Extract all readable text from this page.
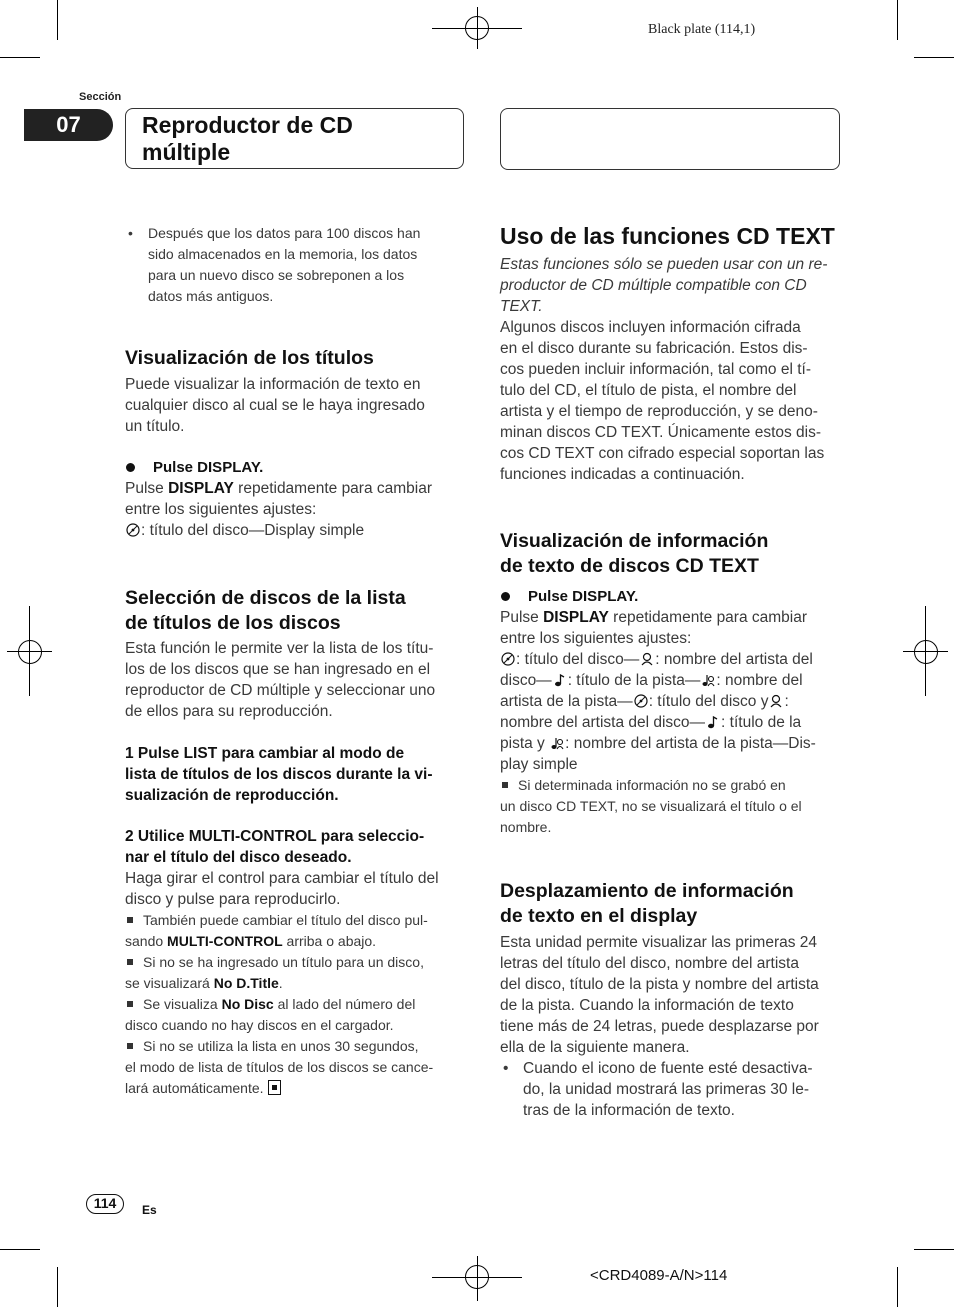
Black plate (114,1)
Sección
07	Reproductor de CD
múltiple
• Después que los datos para 100 discos han
sido almacenados en la memoria, los datos
para un nuevo disco se sobreponen a los
datos más antiguos.
Visualización de los títulos
Puede visualizar la información de texto en
cualquier disco al cual se le haya ingresado
un título.
Pulse DISPLAY.
Pulse DISPLAY repetidamente para cambiar
entre los siguientes ajustes:
: título del disco—Display simple
Selección de discos de la lista
de títulos de los discos
Esta función le permite ver la lista de los títu-
los de los discos que se han ingresado en el
reproductor de CD múltiple y seleccionar uno
de ellos para su reproducción.
1 Pulse LIST para cambiar al modo de
lista de títulos de los discos durante la vi-
sualización de reproducción.
2 Utilice MULTI-CONTROL para seleccio-
nar el título del disco deseado.
Haga girar el control para cambiar el título del
disco y pulse para reproducirlo.
También puede cambiar el título del disco pul-
sando MULTI-CONTROL arriba o abajo.
Si no se ha ingresado un título para un disco,
se visualizará No D.Title.
Se visualiza No Disc al lado del número del
disco cuando no hay discos en el cargador.
Si no se utiliza la lista en unos 30 segundos,
el modo de lista de títulos de los discos se cance-
lará automáticamente.
Uso de las funciones CD TEXT
Estas funciones sólo se pueden usar con un re-
productor de CD múltiple compatible con CD
TEXT.
Algunos discos incluyen información cifrada
en el disco durante su fabricación. Estos dis-
cos pueden incluir información, tal como el tí-
tulo del CD, el título de pista, el nombre del
artista y el tiempo de reproducción, y se deno-
minan discos CD TEXT. Únicamente estos dis-
cos CD TEXT con cifrado especial soportan las
funciones indicadas a continuación.
Visualización de información
de texto de discos CD TEXT
Pulse DISPLAY.
Pulse DISPLAY repetidamente para cambiar
entre los siguientes ajustes:
: título del disco— : nombre del artista del
disco— : título de la pista— : nombre del
artista de la pista— : título del disco y :
nombre del artista del disco— : título de la
pista y : nombre del artista de la pista—Dis-
play simple
Si determinada información no se grabó en
un disco CD TEXT, no se visualizará el título o el
nombre.
Desplazamiento de información
de texto en el display
Esta unidad permite visualizar las primeras 24
letras del título del disco, nombre del artista
del disco, título de la pista y nombre del artista
de la pista. Cuando la información de texto
tiene más de 24 letras, puede desplazarse por
ella de la siguiente manera.
• Cuando el icono de fuente esté desactiva-
do, la unidad mostrará las primeras 30 le-
tras de la información de texto.
114	Es
<CRD4089-A/N>114
